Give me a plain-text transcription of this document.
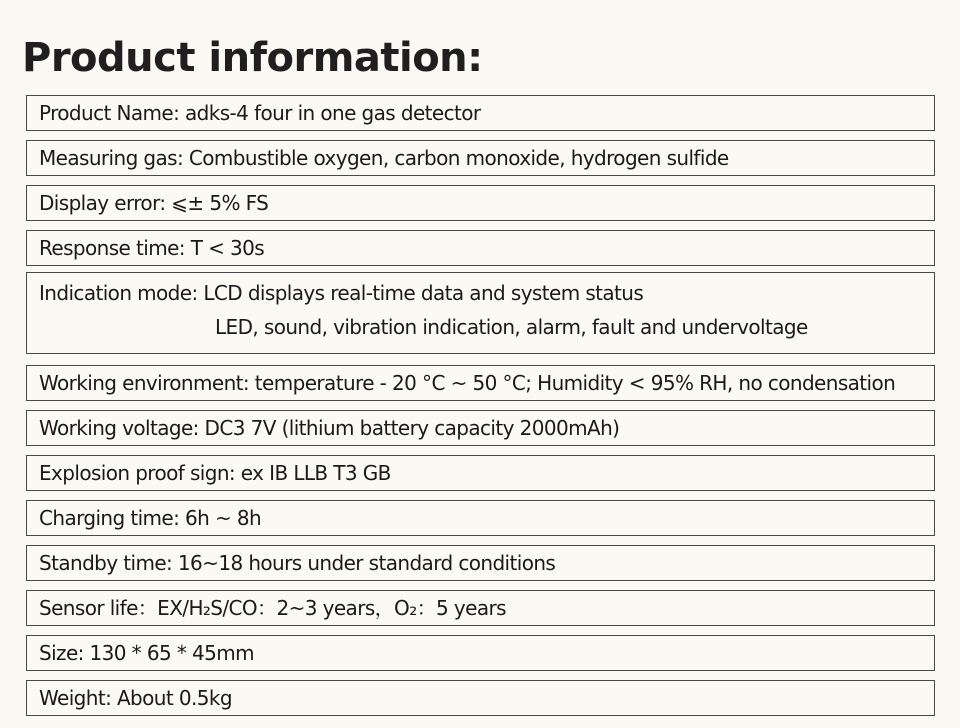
Product information:
Product Name: adks-4 four in one gas detector
Measuring gas: Combustible oxygen, carbon monoxide, hydrogen sulfide
Display error: ⩽± 5% FS
Response time: T < 30s
Indication mode: LCD displays real-time data and system status
LED, sound, vibration indication, alarm, fault and undervoltage
Working environment: temperature - 20 °C ~ 50 °C; Humidity < 95% RH, no condensation
Working voltage: DC3 7V (lithium battery capacity 2000mAh)
Explosion proof sign: ex IB LLB T3 GB
Charging time: 6h ~ 8h
Standby time: 16~18 hours under standard conditions
Sensor life：EX/H₂S/CO：2~3 years，O₂：5 years
Size: 130 * 65 * 45mm
Weight: About 0.5kg
